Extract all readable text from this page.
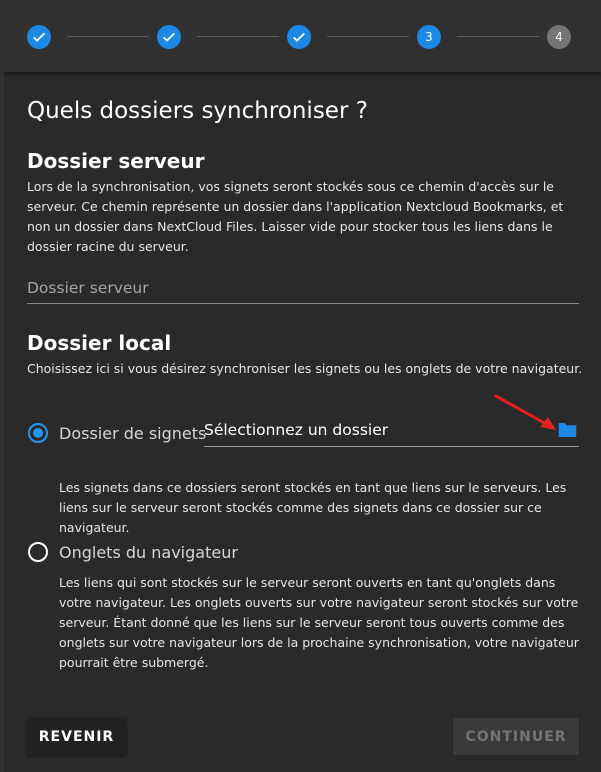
3	4
Quels dossiers synchroniser ?
Dossier serveur

Lors de la synchronisation, vos signets seront stockés sous ce chemin d'accès sur le serveur. Ce chemin représente un dossier dans l'application Nextcloud Bookmarks, et non un dossier dans NextCloud Files. Laisser vide pour stocker tous les liens dans le dossier racine du serveur.

Dossier serveur
Dossier local

Choisissez ici si vous désirez synchroniser les signets ou les onglets de votre navigateur.

Dossier de signets
Sélectionnez un dossier

Les signets dans ce dossiers seront stockés en tant que liens sur le serveurs. Les liens sur le serveur seront stockés comme des signets dans ce dossier sur ce navigateur.

Onglets du navigateur

Les liens qui sont stockés sur le serveur seront ouverts en tant qu'onglets dans votre navigateur. Les onglets ouverts sur votre navigateur seront stockés sur votre serveur. Étant donné que les liens sur le serveur seront tous ouverts comme des onglets sur votre navigateur lors de la prochaine synchronisation, votre navigateur pourrait être submergé.

REVENIR	CONTINUER
